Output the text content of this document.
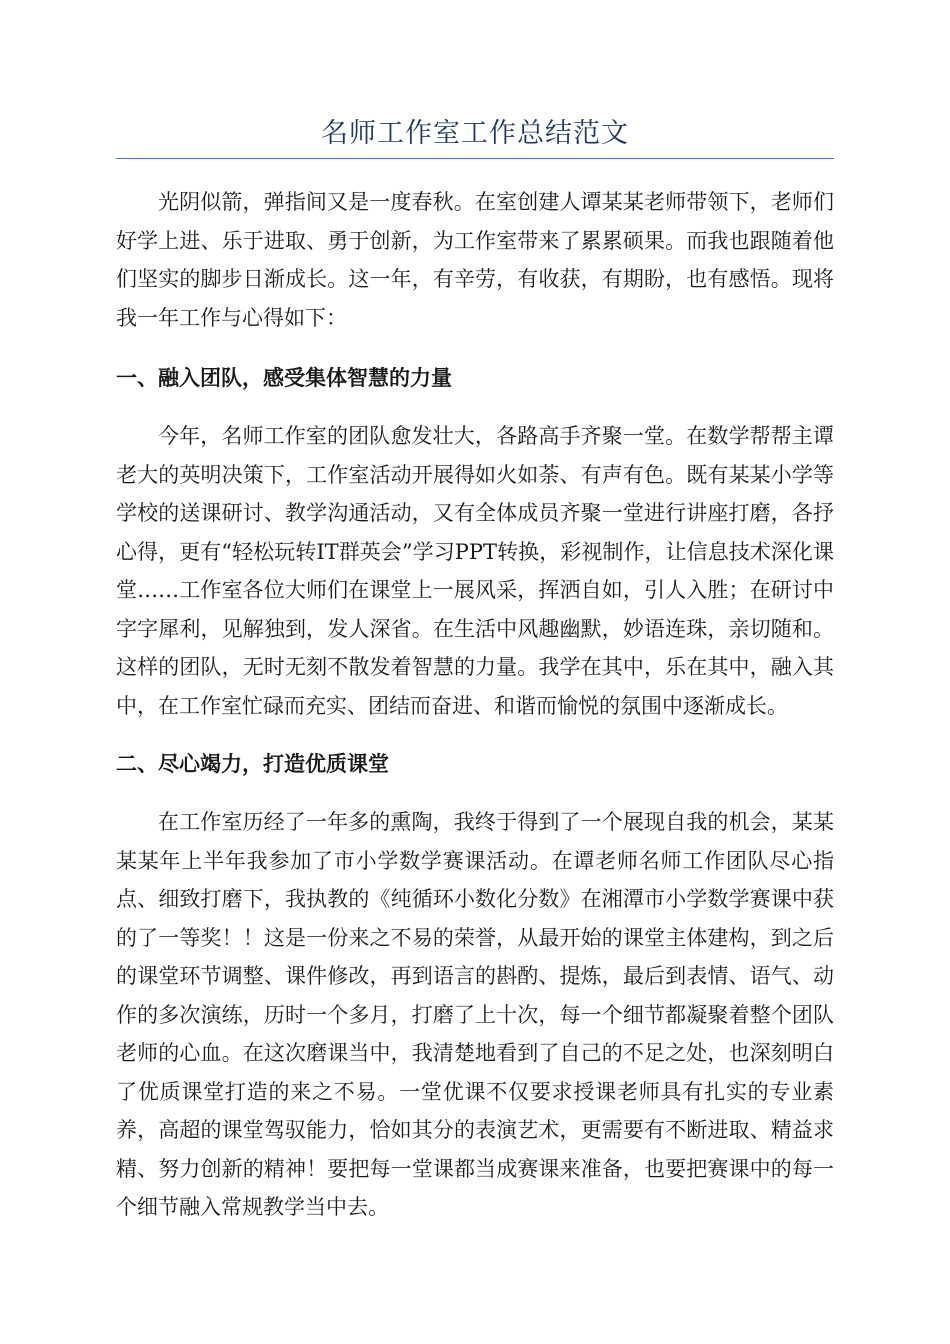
名师工作室工作总结范文

光阴似箭，弹指间又是一度春秋。在室创建人谭某某老师带领下，老师们好学上进、乐于进取、勇于创新，为工作室带来了累累硕果。而我也跟随着他们坚实的脚步日渐成长。这一年，有辛劳，有收获，有期盼，也有感悟。现将我一年工作与心得如下：

一、融入团队，感受集体智慧的力量

今年，名师工作室的团队愈发壮大，各路高手齐聚一堂。在数学帮帮主谭老大的英明决策下，工作室活动开展得如火如荼、有声有色。既有某某小学等学校的送课研讨、教学沟通活动，又有全体成员齐聚一堂进行讲座打磨，各抒心得，更有“轻松玩转IT群英会”学习PPT转换，彩视制作，让信息技术深化课堂……工作室各位大师们在课堂上一展风采，挥洒自如，引人入胜；在研讨中字字犀利，见解独到，发人深省。在生活中风趣幽默，妙语连珠，亲切随和。这样的团队，无时无刻不散发着智慧的力量。我学在其中，乐在其中，融入其中，在工作室忙碌而充实、团结而奋进、和谐而愉悦的氛围中逐渐成长。

二、尽心竭力，打造优质课堂

在工作室历经了一年多的熏陶，我终于得到了一个展现自我的机会，某某某某年上半年我参加了市小学数学赛课活动。在谭老师名师工作团队尽心指点、细致打磨下，我执教的《纯循环小数化分数》在湘潭市小学数学赛课中获的了一等奖！！这是一份来之不易的荣誉，从最开始的课堂主体建构，到之后的课堂环节调整、课件修改，再到语言的斟酌、提炼，最后到表情、语气、动作的多次演练，历时一个多月，打磨了上十次，每一个细节都凝聚着整个团队老师的心血。在这次磨课当中，我清楚地看到了自己的不足之处，也深刻明白了优质课堂打造的来之不易。一堂优课不仅要求授课老师具有扎实的专业素养，高超的课堂驾驭能力，恰如其分的表演艺术，更需要有不断进取、精益求精、努力创新的精神！要把每一堂课都当成赛课来准备，也要把赛课中的每一个细节融入常规教学当中去。
